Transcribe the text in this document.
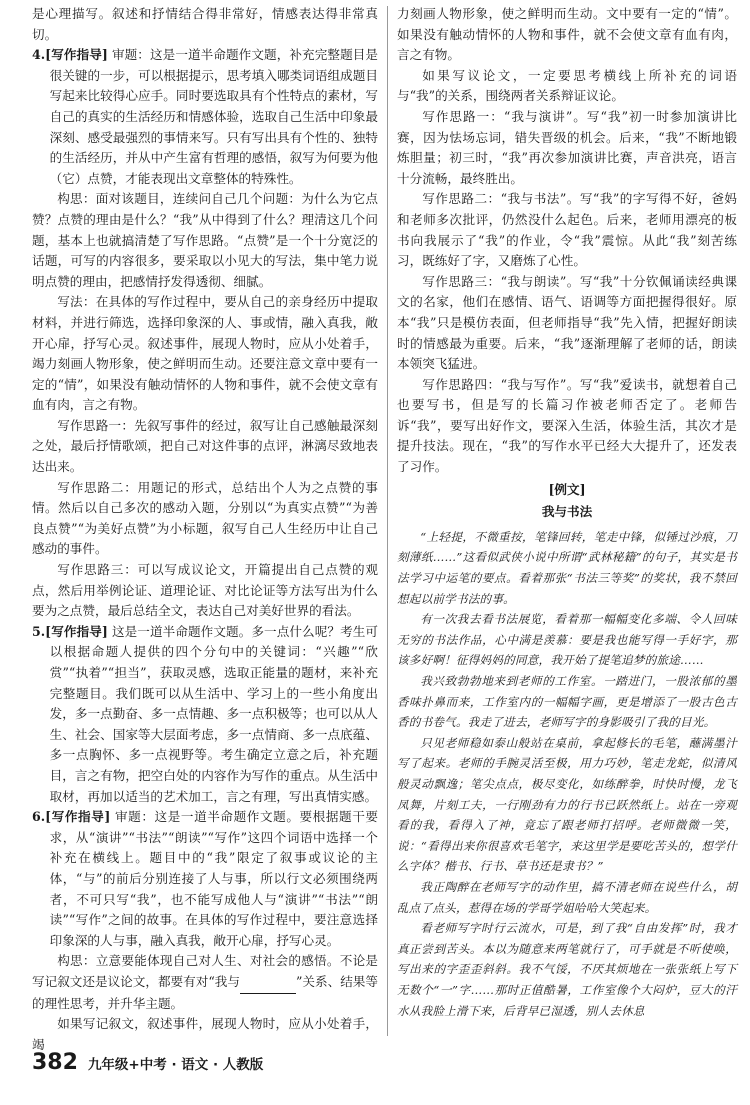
是心理描写。叙述和抒情结合得非常好，情感表达得非常真切。

4.[写作指导] 审题：这是一道半命题作文题，补充完整题目是很关键的一步，可以根据提示，思考填入哪类词语组成题目写起来比较得心应手。同时要选取具有个性特点的素材，写自己的真实的生活经历和情感体验，选取自己生活中印象最深刻、感受最强烈的事情来写。只有写出具有个性的、独特的生活经历，并从中产生富有哲理的感悟，叙写为何要为他（它）点赞，才能表现出文章整体的特殊性。

构思：面对该题目，连续问自己几个问题：为什么为它点赞？点赞的理由是什么？“我”从中得到了什么？理清这几个问题，基本上也就搞清楚了写作思路。“点赞”是一个十分宽泛的话题，可写的内容很多，要采取以小见大的写法，集中笔力说明点赞的理由，把感情抒发得透彻、细腻。

写法：在具体的写作过程中，要从自己的亲身经历中提取材料，并进行筛选，选择印象深的人、事或情，融入真我，敞开心扉，抒写心灵。叙述事件，展现人物时，应从小处着手，竭力刻画人物形象，使之鲜明而生动。还要注意文章中要有一定的“情”，如果没有触动情怀的人物和事件，就不会使文章有血有肉，言之有物。

写作思路一：先叙写事件的经过，叙写让自己感触最深刻之处，最后抒情歌颂，把自己对这件事的点评，淋漓尽致地表达出来。

写作思路二：用题记的形式，总结出个人为之点赞的事情。然后以自己多次的感动入题，分别以“为真实点赞”“为善良点赞”“为美好点赞”为小标题，叙写自己人生经历中让自己感动的事件。

写作思路三：可以写成议论文，开篇提出自己点赞的观点，然后用举例论证、道理论证、对比论证等方法写出为什么要为之点赞，最后总结全文，表达自己对美好世界的看法。

5.[写作指导] 这是一道半命题作文题。多一点什么呢？考生可以根据命题人提供的四个分句中的关键词：“兴趣”“欣赏”“执着”“担当”，获取灵感，选取正能量的题材，来补充完整题目。我们既可以从生活中、学习上的一些小角度出发，多一点勤奋、多一点情趣、多一点积极等；也可以从人生、社会、国家等大层面考虑，多一点情商、多一点底蕴、多一点胸怀、多一点视野等。考生确定立意之后，补充题目，言之有物，把空白处的内容作为写作的重点。从生活中取材，再加以适当的艺术加工，言之有理，写出真情实感。

6.[写作指导] 审题：这是一道半命题作文题。要根据题干要求，从“演讲”“书法”“朗读”“写作”这四个词语中选择一个补充在横线上。题目中的“我”限定了叙事或议论的主体，“与”的前后分别连接了人与事，所以行文必须围绕两者，不可只写“我”，也不能写成他人与“演讲”“书法”“朗读”“写作”之间的故事。在具体的写作过程中，要注意选择印象深的人与事，融入真我，敞开心扉，抒写心灵。

构思：立意要能体现自己对人生、对社会的感悟。不论是写记叙文还是议论文，都要有对“我与	”关系、结果等的理性思考，并升华主题。

如果写记叙文，叙述事件，展现人物时，应从小处着手，竭

力刻画人物形象，使之鲜明而生动。文中要有一定的“情”。如果没有触动情怀的人物和事件，就不会使文章有血有肉，言之有物。

如果写议论文，一定要思考横线上所补充的词语与“我”的关系，围绕两者关系辩证议论。

写作思路一：“我与演讲”。写“我”初一时参加演讲比赛，因为怯场忘词，错失晋级的机会。后来，“我”不断地锻炼胆量；初三时，“我”再次参加演讲比赛，声音洪亮，语言十分流畅，最终胜出。

写作思路二：“我与书法”。写“我”的字写得不好，爸妈和老师多次批评，仍然没什么起色。后来，老师用漂亮的板书向我展示了“我”的作业，令“我”震惊。从此“我”刻苦练习，既练好了字，又磨炼了心性。

写作思路三：“我与朗读”。写“我”十分钦佩诵读经典课文的名家，他们在感情、语气、语调等方面把握得很好。原本“我”只是模仿表面，但老师指导“我”先入情，把握好朗读时的情感最为重要。后来，“我”逐渐理解了老师的话，朗读本领突飞猛进。

写作思路四：“我与写作”。写“我”爱读书，就想着自己也要写书，但是写的长篇习作被老师否定了。老师告诉“我”，要写出好作文，要深入生活，体验生活，其次才是提升技法。现在，“我”的写作水平已经大大提升了，还发表了习作。

[例文]

我与书法

“上轻提，不微重按，笔锋回转，笔走中锋，似锤过沙痕，刀刻薄纸……”这看似武侠小说中所谓“武林秘籍”的句子，其实是书法学习中运笔的要点。看着那张“书法三等奖”的奖状，我不禁回想起以前学书法的事。

有一次我去看书法展览，看着那一幅幅变化多端、令人回味无穷的书法作品，心中满是羡慕：要是我也能写得一手好字，那该多好啊！征得妈妈的同意，我开始了提笔追梦的旅途……

我兴致勃勃地来到老师的工作室。一踏进门，一股浓郁的墨香味扑鼻而来，工作室内的一幅幅字画，更是增添了一股古色古香的书卷气。我走了进去，老师写字的身影吸引了我的目光。

只见老师稳如泰山般站在桌前，拿起修长的毛笔，蘸满墨汁写了起来。老师的手腕灵活至极，用力巧妙，笔走龙蛇，似清风般灵动飘逸；笔尖点点，极尽变化，如练醉拳，时快时慢，龙飞凤舞，片刻工夫，一行刚劲有力的行书已跃然纸上。站在一旁观看的我，看得入了神，竟忘了跟老师打招呼。老师微微一笑，说：“看得出来你很喜欢毛笔字，来这里学是要吃苦头的，想学什么字体？楷书、行书、草书还是隶书？”

我正陶醉在老师写字的动作里，搞不清老师在说些什么，胡乱点了点头，惹得在场的学哥学姐哈哈大笑起来。

看老师写字时行云流水，可是，到了我“自由发挥”时，我才真正尝到苦头。本以为随意来两笔就行了，可手就是不听使唤，写出来的字歪歪斜斜。我不气馁，不厌其烦地在一张张纸上写下无数个“一”字……那时正值酷暑，工作室像个大闷炉，豆大的汗水从我脸上滑下来，后背早已湿透，别人去休息

382 九年级+中考 · 语文 · 人教版
